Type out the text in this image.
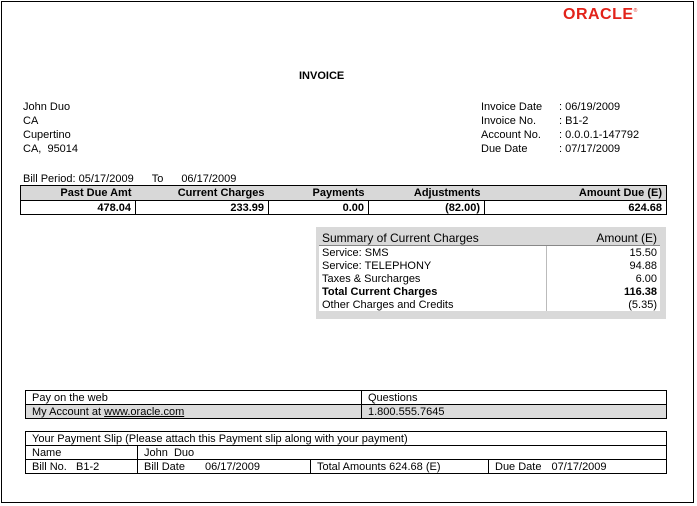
ORACLE®
INVOICE
John Duo
CA
Cupertino
CA,  95014
Invoice Date	: 06/19/2009
Invoice No.	: B1-2
Account No.	: 0.0.0.1-147792
Due Date	: 07/17/2009
Bill Period: 05/17/2009 To 06/17/2009
Past Due Amt	Current Charges	Payments	Adjustments	Amount Due (E)
478.04	233.99	0.00	(82.00)	624.68
Summary of Current Charges	Amount (E)
Service: SMS	15.50
Service: TELEPHONY	94.88
Taxes & Surcharges	6.00
Total Current Charges	116.38
Other Charges and Credits	(5.35)
Pay on the web	Questions
My Account at www.oracle.com	1.800.555.7645
Your Payment Slip (Please attach this Payment slip along with your payment)			
Name	John  Duo		
Bill No.   B1-2	Bill Date 06/17/2009	Total Amounts 624.68 (E)	Due Date 07/17/2009
